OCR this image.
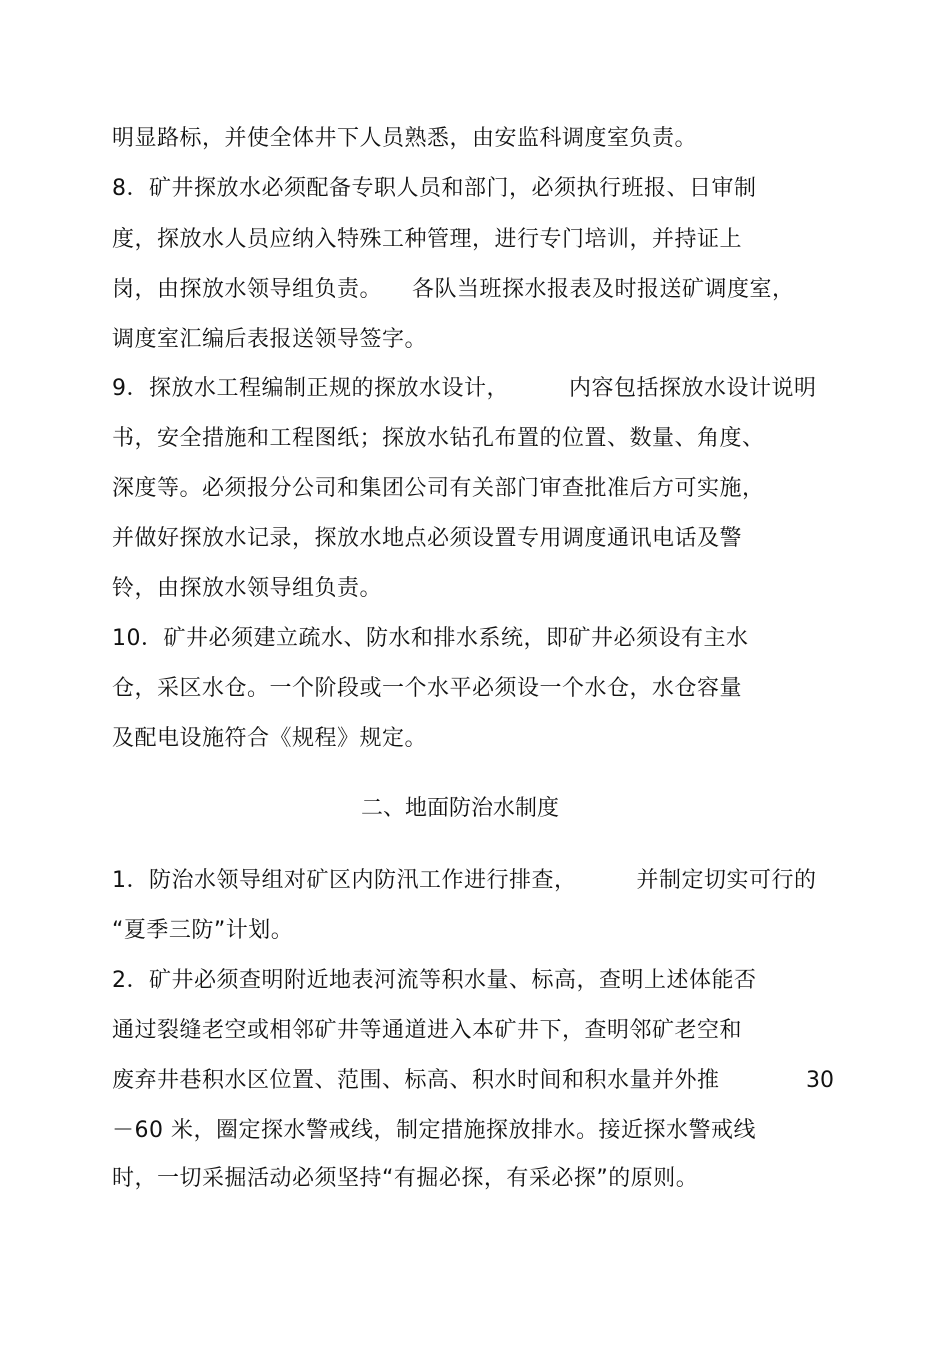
明显路标，并使全体井下人员熟悉，由安监科调度室负责。
8．矿井探放水必须配备专职人员和部门，必须执行班报、日审制
度，探放水人员应纳入特殊工种管理，进行专门培训，并持证上
岗，由探放水领导组负责。    各队当班探水报表及时报送矿调度室，
调度室汇编后表报送领导签字。
9．探放水工程编制正规的探放水设计，        内容包括探放水设计说明
书，安全措施和工程图纸；探放水钻孔布置的位置、数量、角度、
深度等。必须报分公司和集团公司有关部门审查批准后方可实施，
并做好探放水记录，探放水地点必须设置专用调度通讯电话及警
铃，由探放水领导组负责。
10．矿井必须建立疏水、防水和排水系统，即矿井必须设有主水
仓，采区水仓。一个阶段或一个水平必须设一个水仓，水仓容量
及配电设施符合《规程》规定。
二、地面防治水制度
1．防治水领导组对矿区内防汛工作进行排查，        并制定切实可行的
“夏季三防”计划。
2．矿井必须查明附近地表河流等积水量、标高，查明上述体能否
通过裂缝老空或相邻矿井等通道进入本矿井下，查明邻矿老空和
废弃井巷积水区位置、范围、标高、积水时间和积水量并外推	30
－60 米，圈定探水警戒线，制定措施探放排水。接近探水警戒线
时，一切采掘活动必须坚持“有掘必探，有采必探”的原则。
